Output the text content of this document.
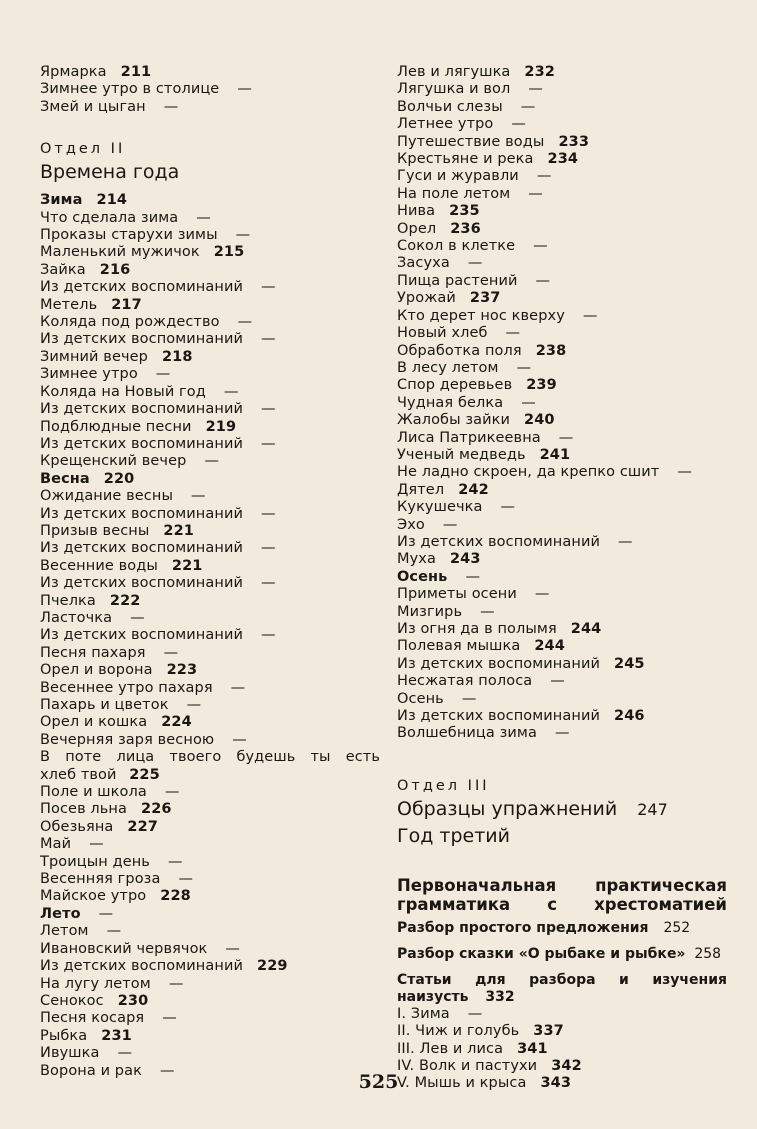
Ярмарка 211
Зимнее утро в столице —
Змей и цыган —
Отдел II
Времена года
Зима 214
Что сделала зима —
Проказы старухи зимы —
Маленький мужичок 215
Зайка 216
Из детских воспоминаний —
Метель 217
Коляда под рождество —
Из детских воспоминаний —
Зимний вечер 218
Зимнее утро —
Коляда на Новый год —
Из детских воспоминаний —
Подблюдные песни 219
Из детских воспоминаний —
Крещенский вечер —
Весна 220
Ожидание весны —
Из детских воспоминаний —
Призыв весны 221
Из детских воспоминаний —
Весенние воды 221
Из детских воспоминаний —
Пчелка 222
Ласточка —
Из детских воспоминаний —
Песня пахаря —
Орел и ворона 223
Весеннее утро пахаря —
Пахарь и цветок —
Орел и кошка 224
Вечерняя заря весною —
В поте лица твоего будешь ты есть
хлеб твой 225
Поле и школа —
Посев льна 226
Обезьяна 227
Май —
Троицын день —
Весенняя гроза —
Майское утро 228
Лето —
Летом —
Ивановский червячок —
Из детских воспоминаний 229
На лугу летом —
Сенокос 230
Песня косаря —
Рыбка 231
Ивушка —
Ворона и рак —
Лев и лягушка 232
Лягушка и вол —
Волчьи слезы —
Летнее утро —
Путешествие воды 233
Крестьяне и река 234
Гуси и журавли —
На поле летом —
Нива 235
Орел 236
Сокол в клетке —
Засуха —
Пища растений —
Урожай 237
Кто дерет нос кверху —
Новый хлеб —
Обработка поля 238
В лесу летом —
Спор деревьев 239
Чудная белка —
Жалобы зайки 240
Лиса Патрикеевна —
Ученый медведь 241
Не ладно скроен, да крепко сшит —
Дятел 242
Кукушечка —
Эхо —
Из детских воспоминаний —
Муха 243
Осень —
Приметы осени —
Мизгирь —
Из огня да в полымя 244
Полевая мышка 244
Из детских воспоминаний 245
Несжатая полоса —
Осень —
Из детских воспоминаний 246
Волшебница зима —
Отдел III
Образцы упражнений 247
Год третий
Первоначальная практическая
грамматика с хрестоматией
Разбор простого предложения 252
Разбор сказки «О рыбаке и рыбке» 258
Статьи для разбора и изучения
наизусть 332
I. Зима —
II. Чиж и голубь 337
III. Лев и лиса 341
IV. Волк и пастухи 342
V. Мышь и крыса 343
525
